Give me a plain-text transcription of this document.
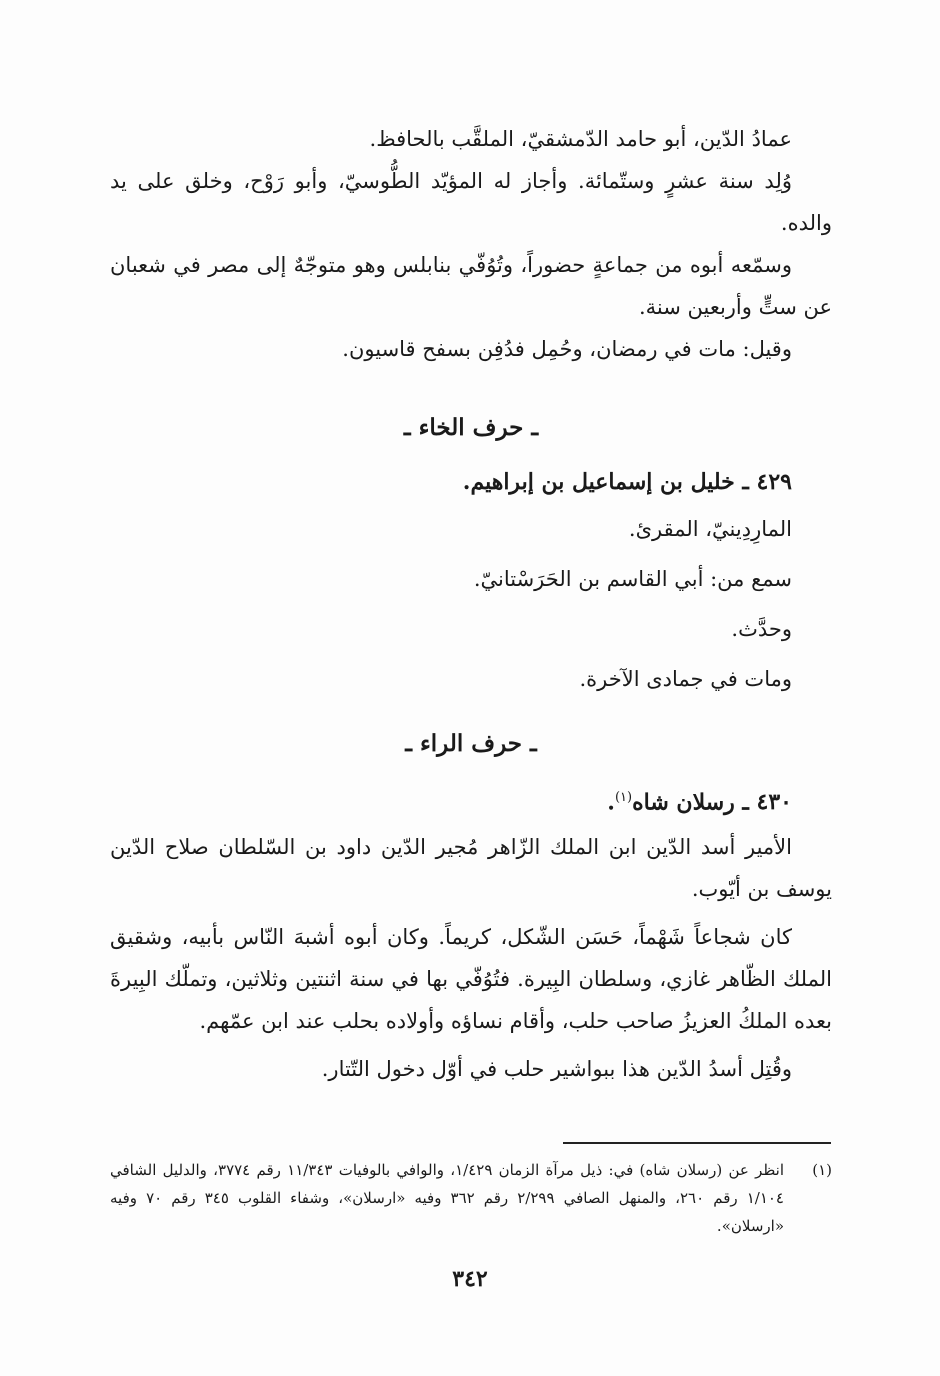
عمادُ الدّين، أبو حامد الدّمشقيّ، الملقَّب بالحافظ.

وُلِد سنة عشرٍ وستّمائة. وأجاز له المؤيّد الطُّوسيّ، وأبو رَوْح، وخلق على يد والده.

وسمّعه أبوه من جماعةٍ حضوراً، وتُوُفّي بنابلس وهو متوجّهٌ إلى مصر في شعبان عن ستٍّ وأربعين سنة.

وقيل: مات في رمضان، وحُمِل فدُفِن بسفح قاسيون.

ـ حرف الخاء ـ
٤٢٩ ـ خليل بن إسماعيل بن إبراهيم.

المارِدِينيّ، المقرئ.

سمع من: أبي القاسم بن الحَرَسْتانيّ.

وحدَّث.

ومات في جمادى الآخرة.

ـ حرف الراء ـ
٤٣٠ ـ رسلان شاه$^{(١)}$.

الأمير أسد الدّين ابن الملك الزّاهر مُجير الدّين داود بن السّلطان صلاح الدّين يوسف بن أيّوب.

كان شجاعاً شَهْماً، حَسَن الشّكل، كريماً. وكان أبوه أشبهَ النّاس بأبيه، وشقيق الملك الظّاهر غازي، وسلطان البِيرة. فتُوُفّي بها في سنة اثنتين وثلاثين، وتملّك البِيرةَ بعده الملكُ العزيزُ صاحب حلب، وأقام نساؤه وأولاده بحلب عند ابن عمّهم.

وقُتِل أسدُ الدّين هذا ببواشير حلب في أوّل دخول التّتار.

(١)
انظر عن (رسلان شاه) في: ذيل مرآة الزمان ١/٤٢٩، والوافي بالوفيات ١١/٣٤٣ رقم ٣٧٧٤، والدليل الشافي ١/١٠٤ رقم ٢٦٠، والمنهل الصافي ٢/٢٩٩ رقم ٣٦٢ وفيه «ارسلان»، وشفاء القلوب ٣٤٥ رقم ٧٠ وفيه «ارسلان».
٣٤٢
